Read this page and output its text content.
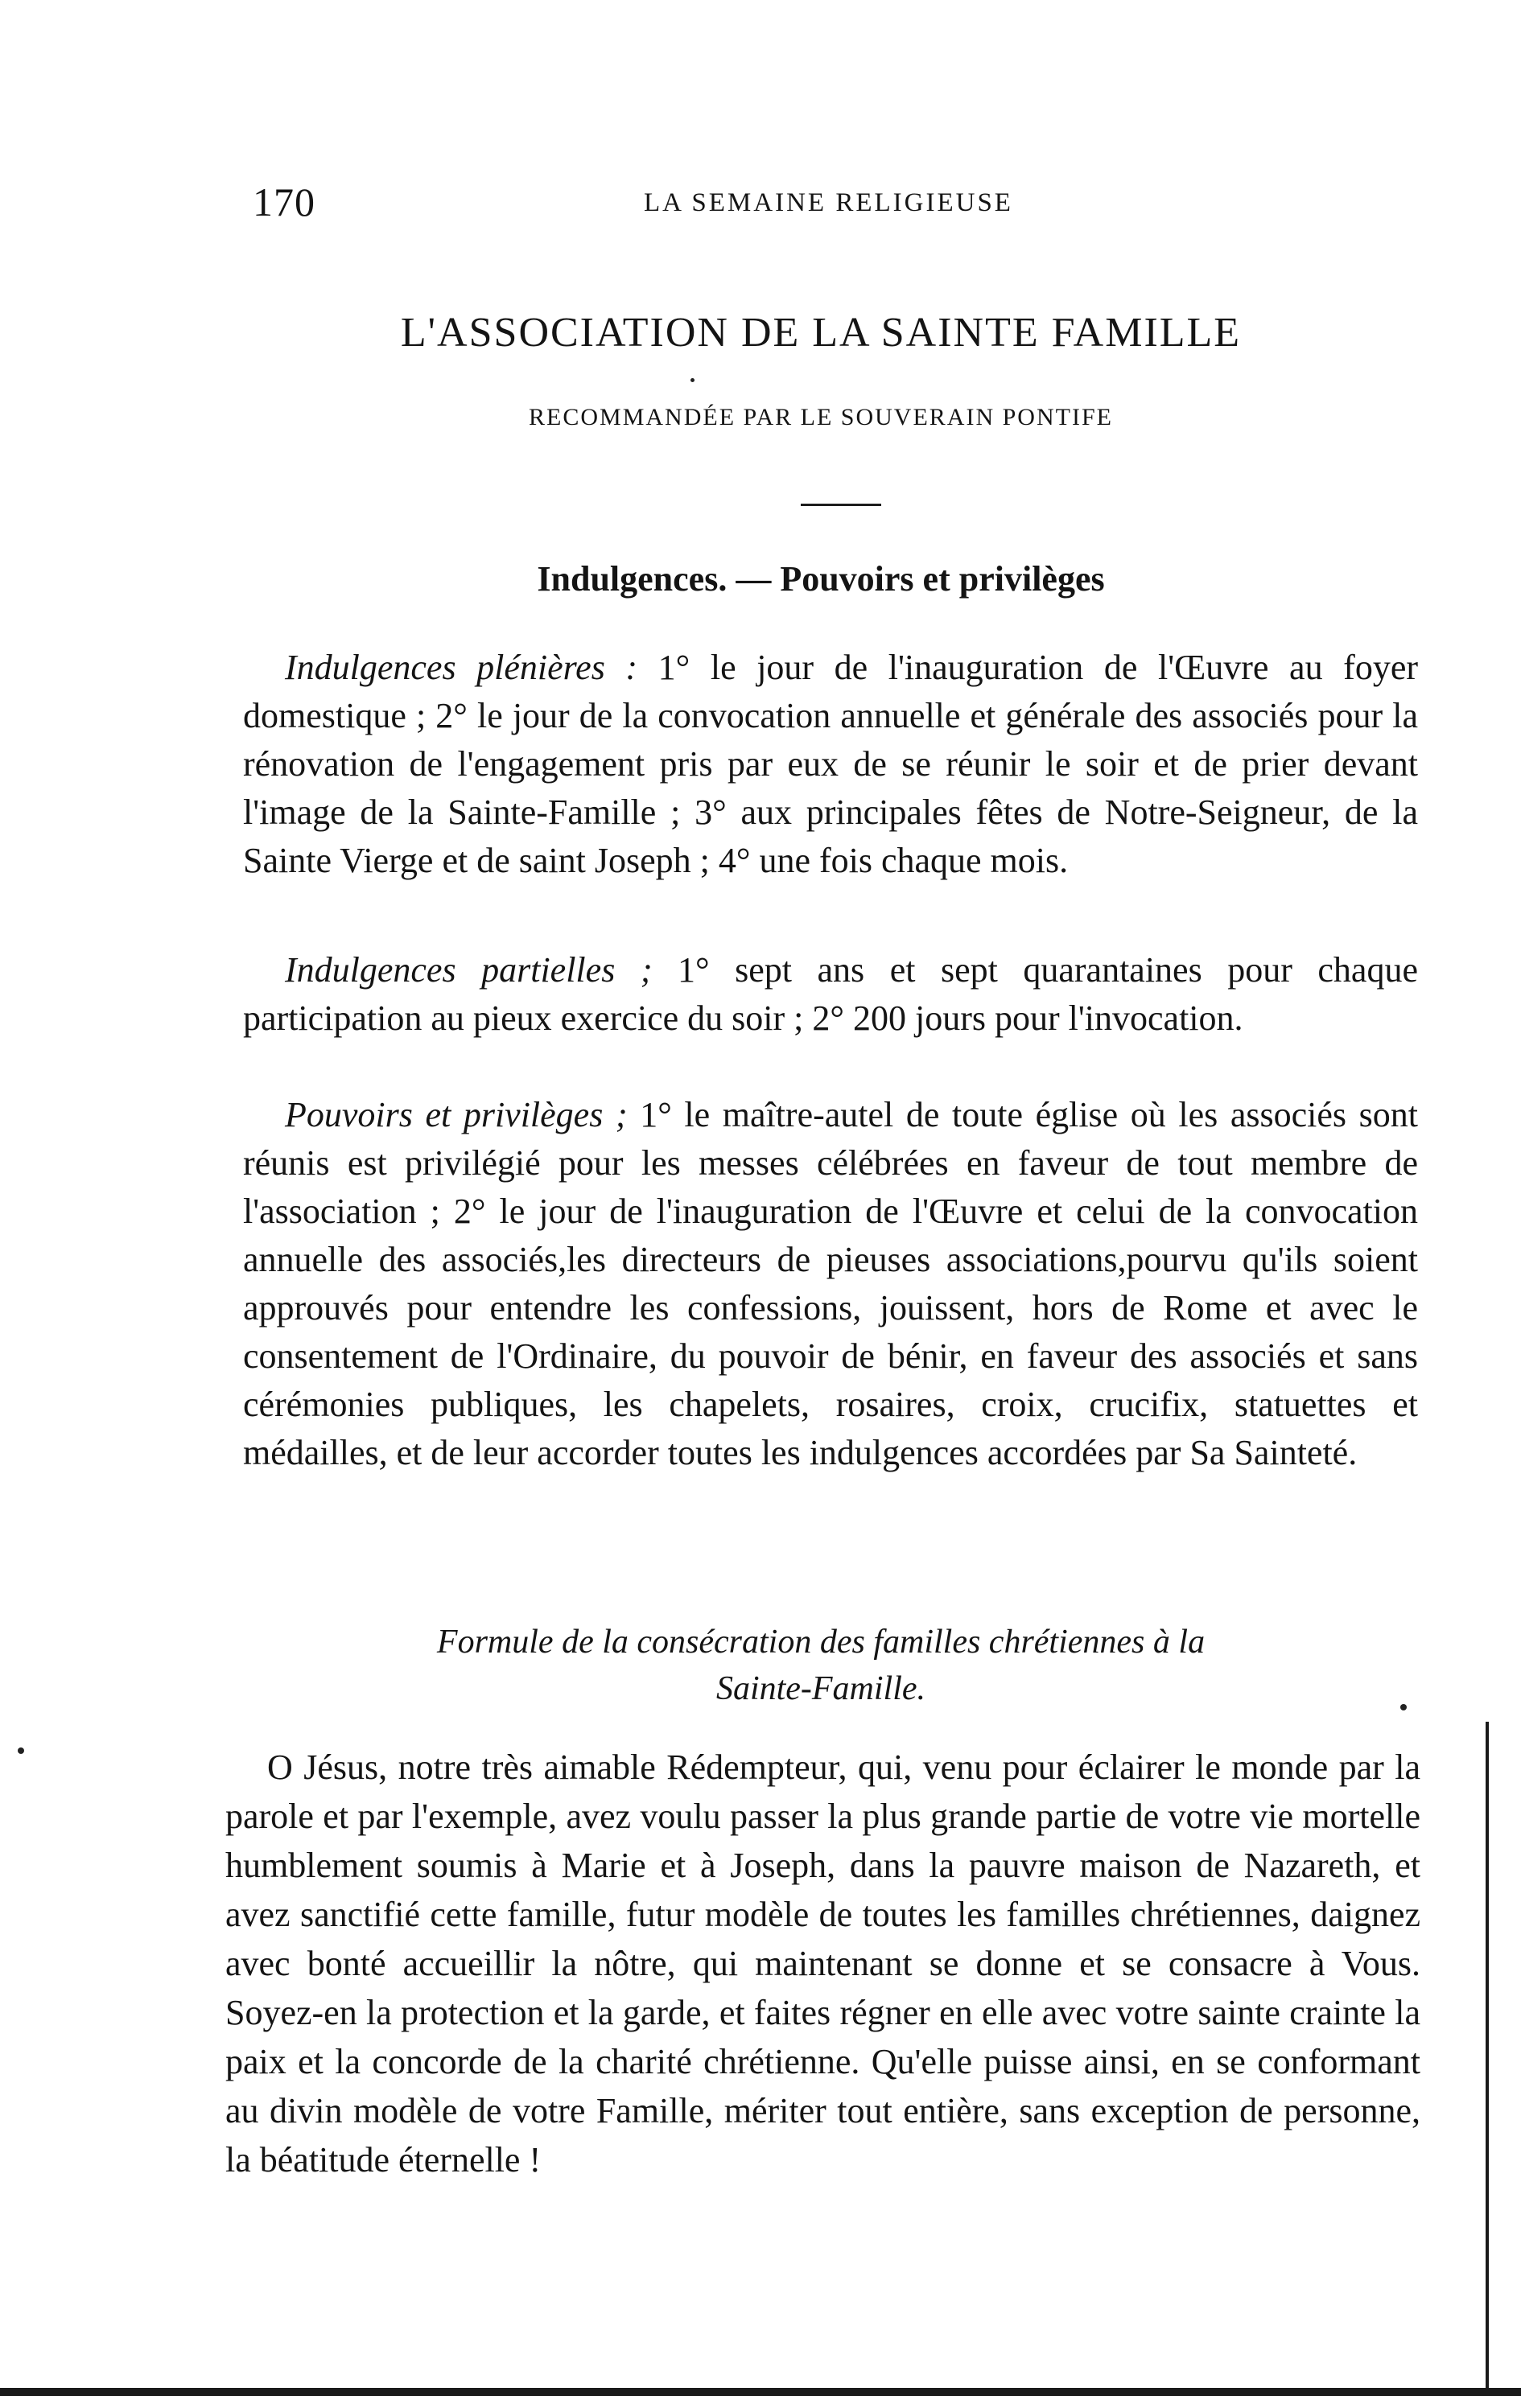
170	LA SEMAINE RELIGIEUSE
L'ASSOCIATION DE LA SAINTE FAMILLE
RECOMMANDÉE PAR LE SOUVERAIN PONTIFE
Indulgences. — Pouvoirs et privilèges

Indulgences plénières : 1° le jour de l'inauguration de l'Œuvre au foyer domestique ; 2° le jour de la convocation annuelle et générale des associés pour la rénovation de l'engagement pris par eux de se réunir le soir et de prier devant l'image de la Sainte-Famille ; 3° aux principales fêtes de Notre-Seigneur, de la Sainte Vierge et de saint Joseph ; 4° une fois chaque mois.

Indulgences partielles ; 1° sept ans et sept quarantaines pour chaque participation au pieux exercice du soir ; 2° 200 jours pour l'invocation.

Pouvoirs et privilèges ; 1° le maître-autel de toute église où les associés sont réunis est privilégié pour les messes célébrées en faveur de tout membre de l'association ; 2° le jour de l'inauguration de l'Œuvre et celui de la convocation annuelle des associés,les directeurs de pieuses associations,pourvu qu'ils soient approuvés pour entendre les confessions, jouissent, hors de Rome et avec le consentement de l'Ordinaire, du pouvoir de bénir, en faveur des associés et sans cérémonies publiques, les chapelets, rosaires, croix, crucifix, statuettes et médailles, et de leur accorder toutes les indulgences accordées par Sa Sainteté.

Formule de la consécration des familles chrétiennes à la
Sainte-Famille.

O Jésus, notre très aimable Rédempteur, qui, venu pour éclairer le monde par la parole et par l'exemple, avez voulu passer la plus grande partie de votre vie mortelle humblement soumis à Marie et à Joseph, dans la pauvre maison de Nazareth, et avez sanctifié cette famille, futur modèle de toutes les familles chrétiennes, daignez avec bonté accueillir la nôtre, qui maintenant se donne et se consacre à Vous. Soyez-en la protection et la garde, et faites régner en elle avec votre sainte crainte la paix et la concorde de la charité chrétienne. Qu'elle puisse ainsi, en se conformant au divin modèle de votre Famille, mériter tout entière, sans exception de personne, la béatitude éternelle !
